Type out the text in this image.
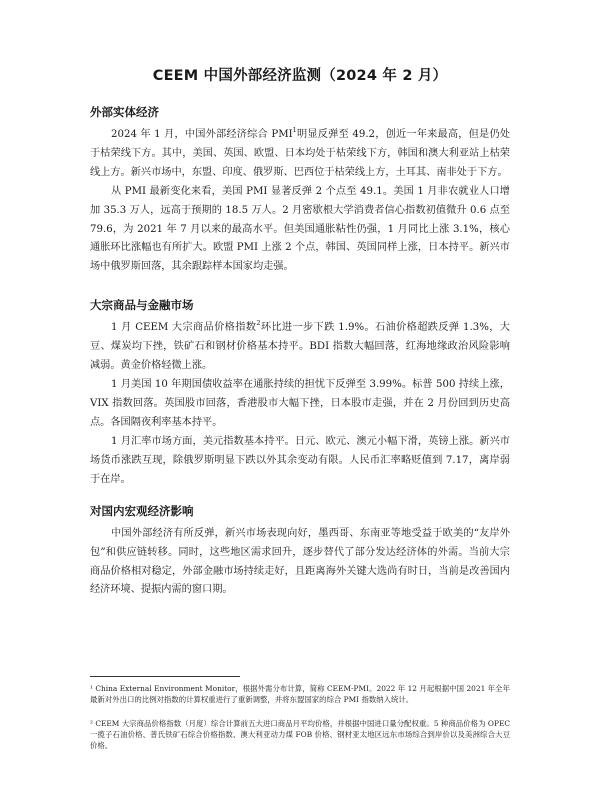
CEEM 中国外部经济监测（2024 年 2 月）
外部实体经济

2024 年 1 月，中国外部经济综合 PMI$^1$明显反弹至 49.2，创近一年来最高，但是仍处于枯荣线下方。其中，美国、英国、欧盟、日本均处于枯荣线下方，韩国和澳大利亚站上枯荣线上方。新兴市场中，东盟、印度、俄罗斯、巴西位于枯荣线上方，土耳其、南非处于下方。

从 PMI 最新变化来看，美国 PMI 显著反弹 2 个点至 49.1。美国 1 月非农就业人口增加 35.3 万人，远高于预期的 18.5 万人。2 月密歇根大学消费者信心指数初值微升 0.6 点至 79.6，为 2021 年 7 月以来的最高水平。但美国通胀粘性仍强，1 月同比上涨 3.1%，核心通胀环比涨幅也有所扩大。欧盟 PMI 上涨 2 个点，韩国、英国同样上涨，日本持平。新兴市场中俄罗斯回落，其余跟踪样本国家均走强。

大宗商品与金融市场

1 月 CEEM 大宗商品价格指数$^2$环比进一步下跌 1.9%。石油价格超跌反弹 1.3%，大豆、煤炭均下挫，铁矿石和钢材价格基本持平。BDI 指数大幅回落，红海地缘政治风险影响减弱。黄金价格轻微上涨。

1 月美国 10 年期国债收益率在通胀持续的担忧下反弹至 3.99%。标普 500 持续上涨，VIX 指数回落。英国股市回落，香港股市大幅下挫，日本股市走强，并在 2 月份回到历史高点。各国隔夜利率基本持平。

1 月汇率市场方面，美元指数基本持平。日元、欧元、澳元小幅下滑，英镑上涨。新兴市场货币涨跌互现，除俄罗斯明显下跌以外其余变动有限。人民币汇率略贬值到 7.17，离岸弱于在岸。

对国内宏观经济影响

中国外部经济有所反弹，新兴市场表现向好，墨西哥、东南亚等地受益于欧美的“友岸外包”和供应链转移。同时，这些地区需求回升，逐步替代了部分发达经济体的外需。当前大宗商品价格相对稳定，外部金融市场持续走好，且距离海外关键大选尚有时日，当前是改善国内经济环境、提振内需的窗口期。

¹ China External Environment Monitor，根据外需分布计算，简称 CEEM-PMI。2022 年 12 月起根据中国 2021 年全年最新对外出口的比例对指数的计算权重进行了重新调整，并将东盟国家的综合 PMI 指数纳入统计。

² CEEM 大宗商品价格指数（月度）综合计算前五大进口商品月平均价格，并根据中国进口量分配权重。5 种商品价格为 OPEC 一揽子石油价格、普氏铁矿石综合价格指数、澳大利亚动力煤 FOB 价格、钢材亚太地区远东市场综合到岸价以及美洲综合大豆价格。
